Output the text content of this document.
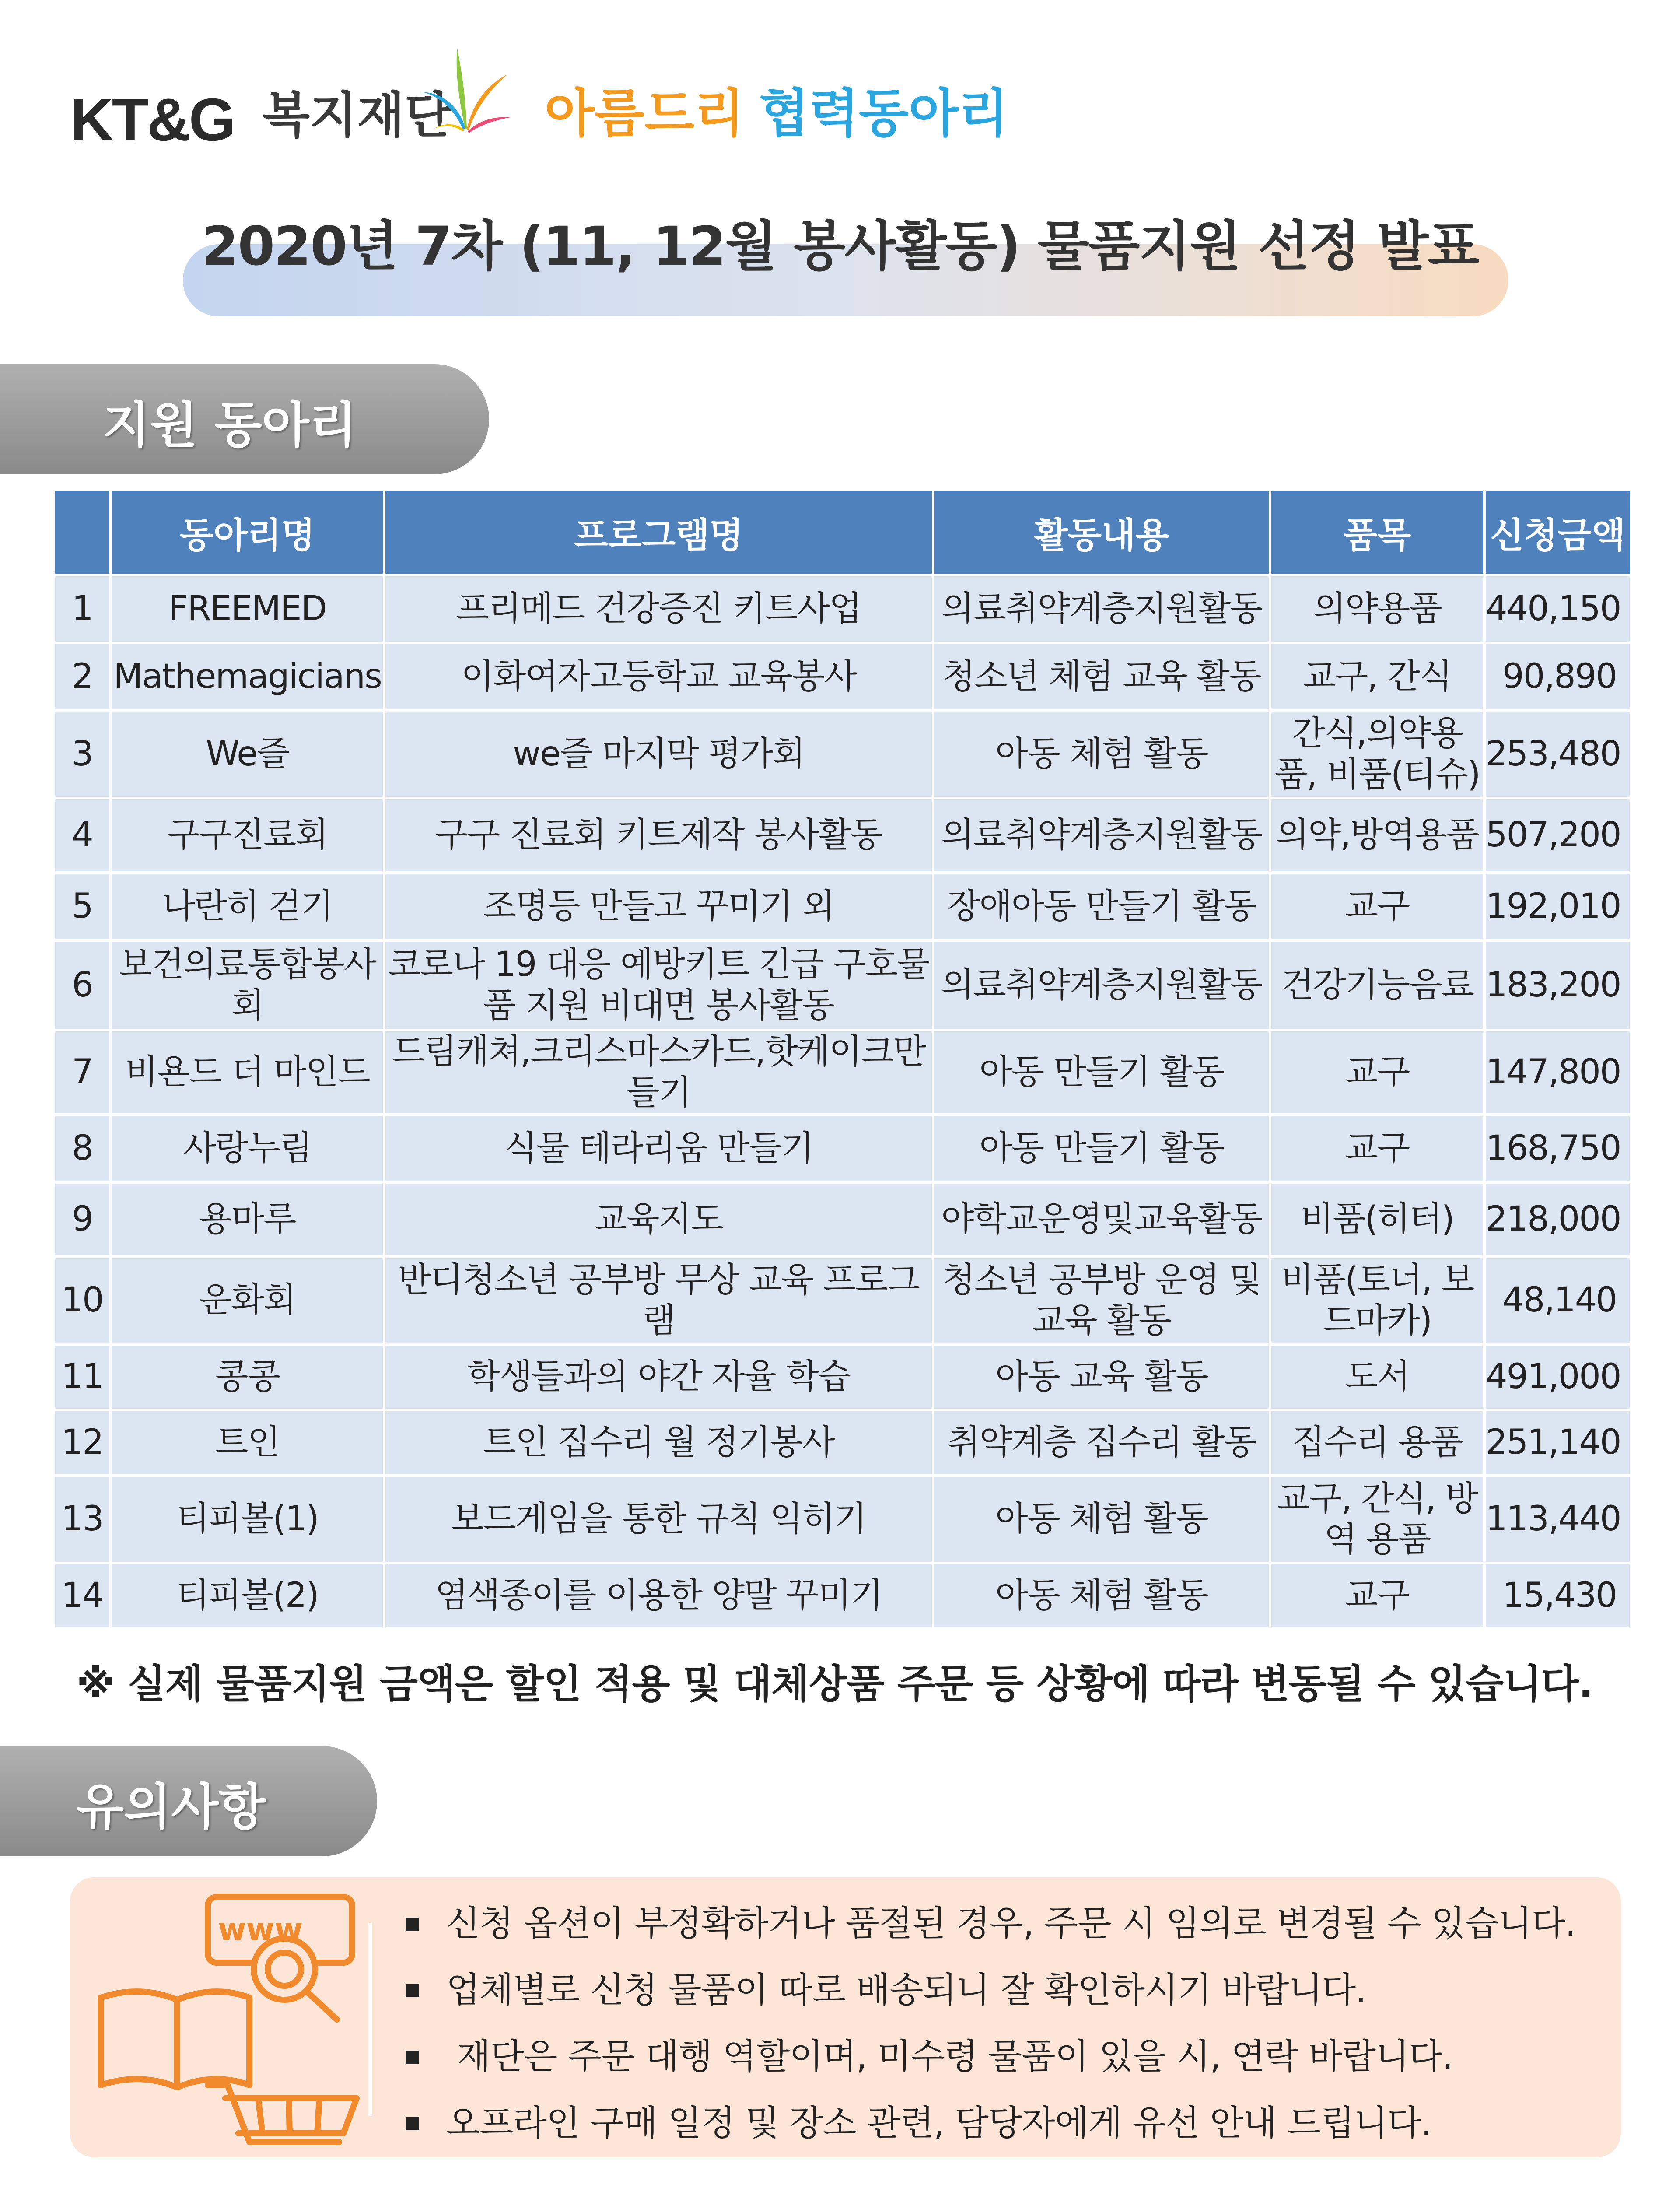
KT&G 복지재단 아름드리 협력동아리
2020년 7차 (11, 12월 봉사활동) 물품지원 선정 발표
지원 동아리
	동아리명	프로그램명	활동내용	품목	신청금액
1	FREEMED	프리메드 건강증진 키트사업	의료취약계층지원활동	의약용품	440,150
2	Mathemagicians	이화여자고등학교 교육봉사	청소년 체험 교육 활동	교구, 간식	90,890
3	We즐	we즐 마지막 평가회	아동 체험 활동	간식,의약용품, 비품(티슈)	253,480
4	구구진료회	구구 진료회 키트제작 봉사활동	의료취약계층지원활동	의약,방역용품	507,200
5	나란히 걷기	조명등 만들고 꾸미기 외	장애아동 만들기 활동	교구	192,010
6	보건의료통합봉사회	코로나 19 대응 예방키트 긴급 구호물품 지원 비대면 봉사활동	의료취약계층지원활동	건강기능음료	183,200
7	비욘드 더 마인드	드림캐쳐,크리스마스카드,핫케이크만들기	아동 만들기 활동	교구	147,800
8	사랑누림	식물 테라리움 만들기	아동 만들기 활동	교구	168,750
9	용마루	교육지도	야학교운영및교육활동	비품(히터)	218,000
10	운화회	반디청소년 공부방 무상 교육 프로그램	청소년 공부방 운영 및 교육 활동	비품(토너, 보드마카)	48,140
11	콩콩	학생들과의 야간 자율 학습	아동 교육 활동	도서	491,000
12	트인	트인 집수리 월 정기봉사	취약계층 집수리 활동	집수리 용품	251,140
13	티피볼(1)	보드게임을 통한 규칙 익히기	아동 체험 활동	교구, 간식, 방역 용품	113,440
14	티피볼(2)	염색종이를 이용한 양말 꾸미기	아동 체험 활동	교구	15,430
※ 실제 물품지원 금액은 할인 적용 및 대체상품 주문 등 상황에 따라 변동될 수 있습니다.
유의사항
www	신청 옵션이 부정확하거나 품절된 경우, 주문 시 임의로 변경될 수 있습니다.
업체별로 신청 물품이 따로 배송되니 잘 확인하시기 바랍니다.
재단은 주문 대행 역할이며, 미수령 물품이 있을 시, 연락 바랍니다.
오프라인 구매 일정 및 장소 관련, 담당자에게 유선 안내 드립니다.
